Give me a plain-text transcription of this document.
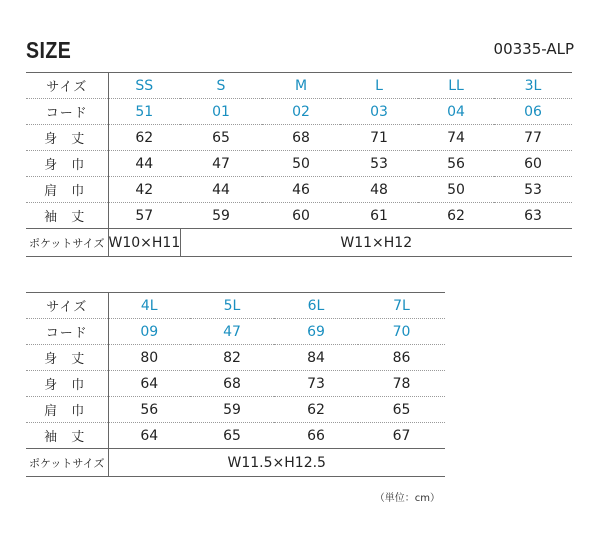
SIZE	00335-ALP
サイズ	SS	S	M	L	LL	3L
コード	51	01	02	03	04	06
身 丈	62	65	68	71	74	77
身 巾	44	47	50	53	56	60
肩 巾	42	44	46	48	50	53
袖 丈	57	59	60	61	62	63
ポケットサイズ	W10×H11	W11×H12				
サイズ	4L	5L	6L	7L
コード	09	47	69	70
身 丈	80	82	84	86
身 巾	64	68	73	78
肩 巾	56	59	62	65
袖 丈	64	65	66	67
ポケットサイズ	W11.5×H12.5			
（単位：cm）
